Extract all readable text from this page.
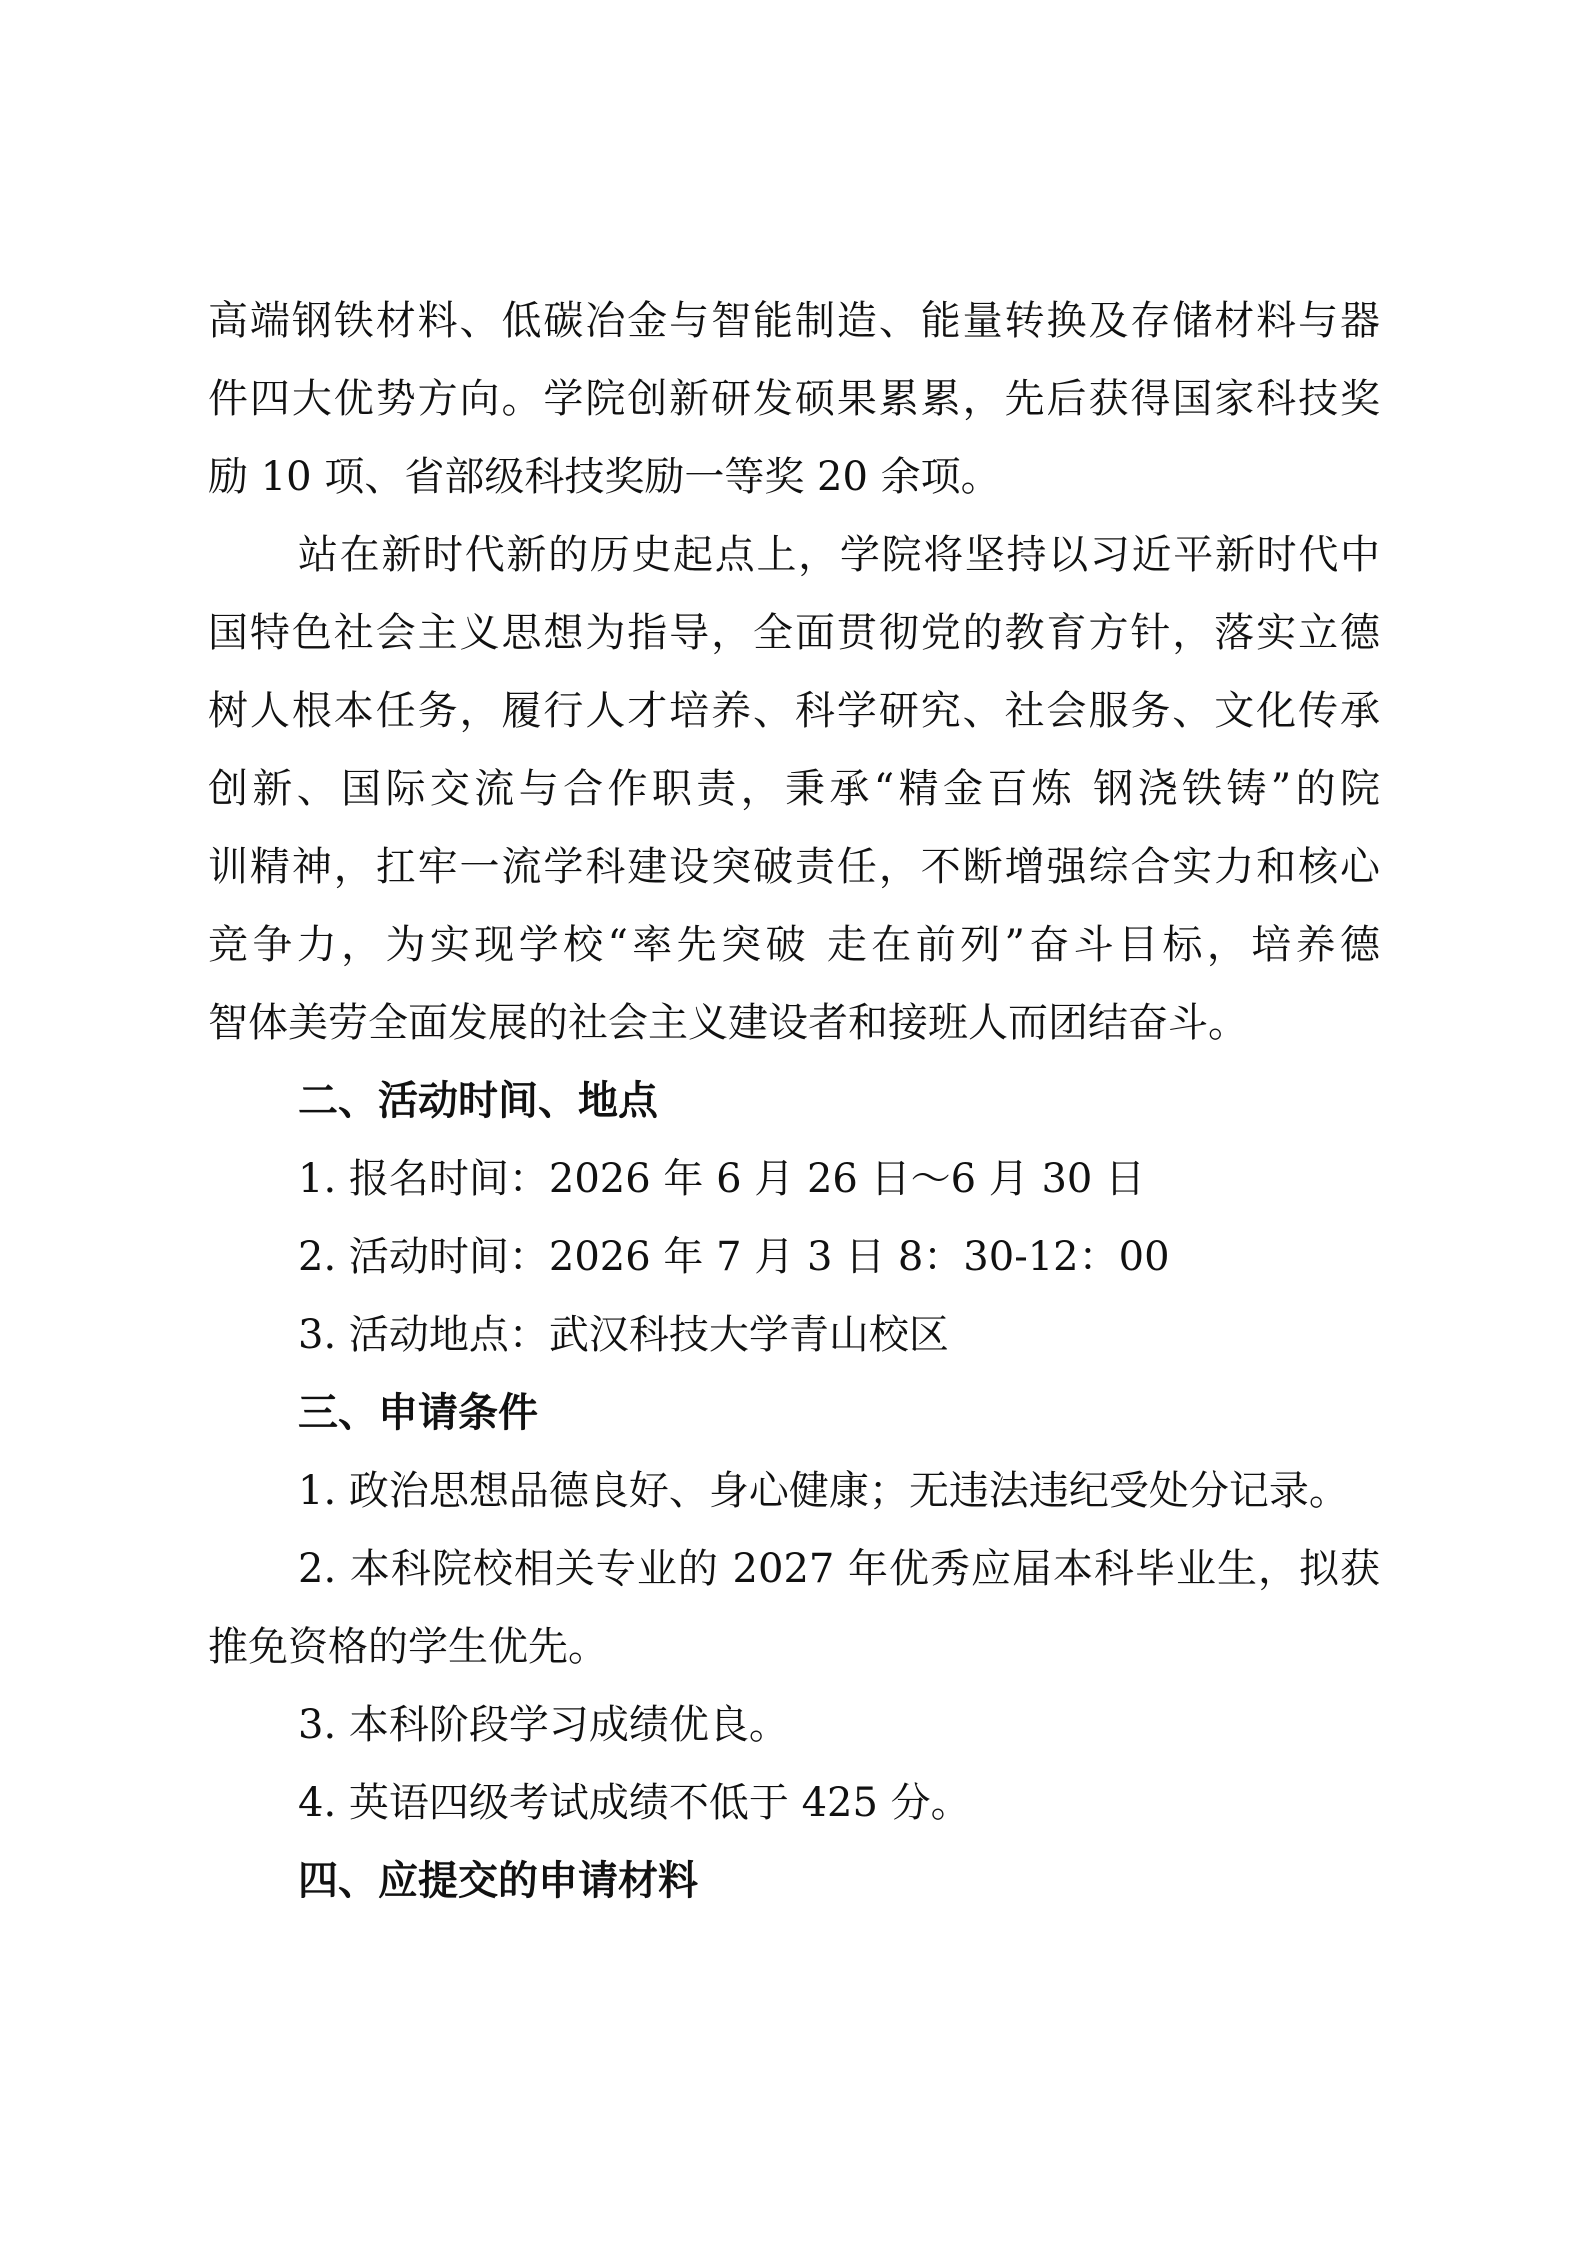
高端钢铁材料、低碳冶金与智能制造、能量转换及存储材料与器
件四大优势方向。学院创新研发硕果累累，先后获得国家科技奖
励 10 项、省部级科技奖励一等奖 20 余项。
站在新时代新的历史起点上，学院将坚持以习近平新时代中
国特色社会主义思想为指导，全面贯彻党的教育方针，落实立德
树人根本任务，履行人才培养、科学研究、社会服务、文化传承
创新、国际交流与合作职责，秉承“精金百炼 钢浇铁铸”的院
训精神，扛牢一流学科建设突破责任，不断增强综合实力和核心
竞争力，为实现学校“率先突破 走在前列”奋斗目标，培养德
智体美劳全面发展的社会主义建设者和接班人而团结奋斗。
二、活动时间、地点
1. 报名时间：2026 年 6 月 26 日～6 月 30 日
2. 活动时间：2026 年 7 月 3 日 8：30-12：00
3. 活动地点：武汉科技大学青山校区
三、申请条件
1. 政治思想品德良好、身心健康；无违法违纪受处分记录。
2. 本科院校相关专业的 2027 年优秀应届本科毕业生，拟获
推免资格的学生优先。
3. 本科阶段学习成绩优良。
4. 英语四级考试成绩不低于 425 分。
四、应提交的申请材料
